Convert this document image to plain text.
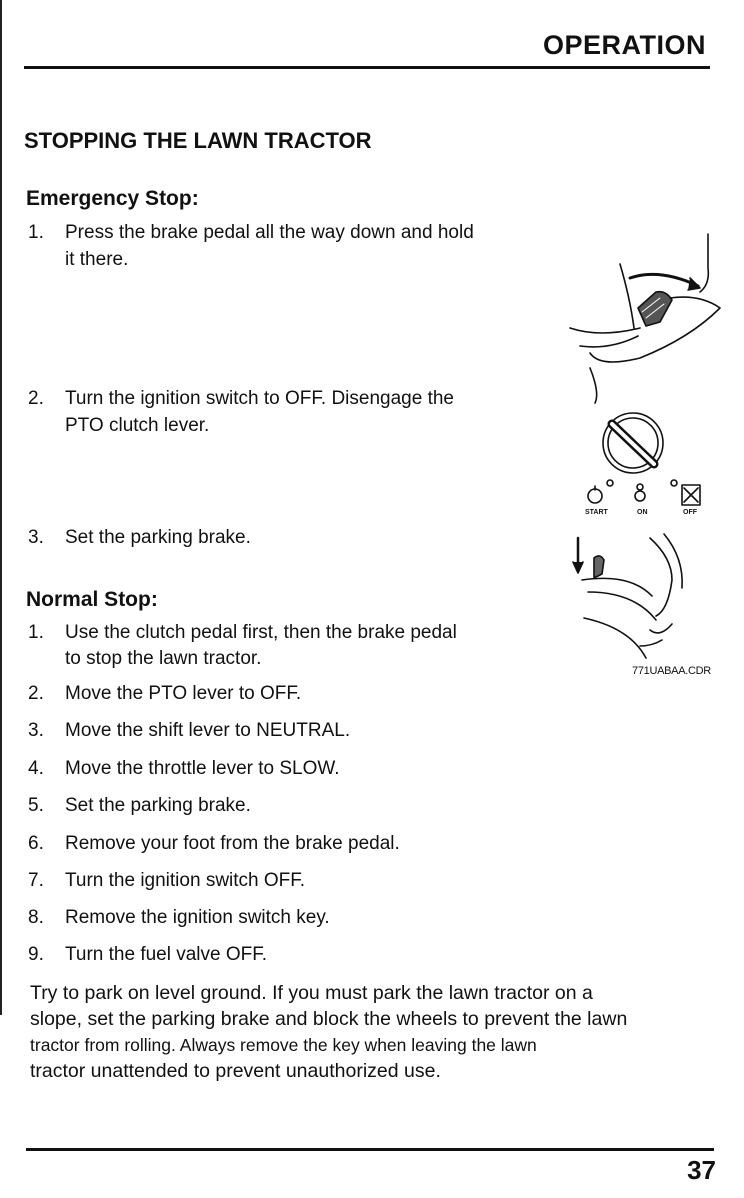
OPERATION
STOPPING THE LAWN TRACTOR
Emergency Stop:
1. Press the brake pedal all the way down and hold
it there.
2. Turn the ignition switch to OFF. Disengage the
PTO clutch lever.
3. Set the parking brake.
Normal Stop:
1. Use the clutch pedal first, then the brake pedal
to stop the lawn tractor.
2. Move the PTO lever to OFF.
3. Move the shift lever to NEUTRAL.
4. Move the throttle lever to SLOW.
5. Set the parking brake.
6. Remove your foot from the brake pedal.
7. Turn the ignition switch OFF.
8. Remove the ignition switch key.
9. Turn the fuel valve OFF.

Try to park on level ground. If you must park the lawn tractor on a

slope, set the parking brake and block the wheels to prevent the lawn

tractor from rolling. Always remove the key when leaving the lawn

tractor unattended to prevent unauthorized use.

START	ON	OFF
771UABAA.CDR
37
